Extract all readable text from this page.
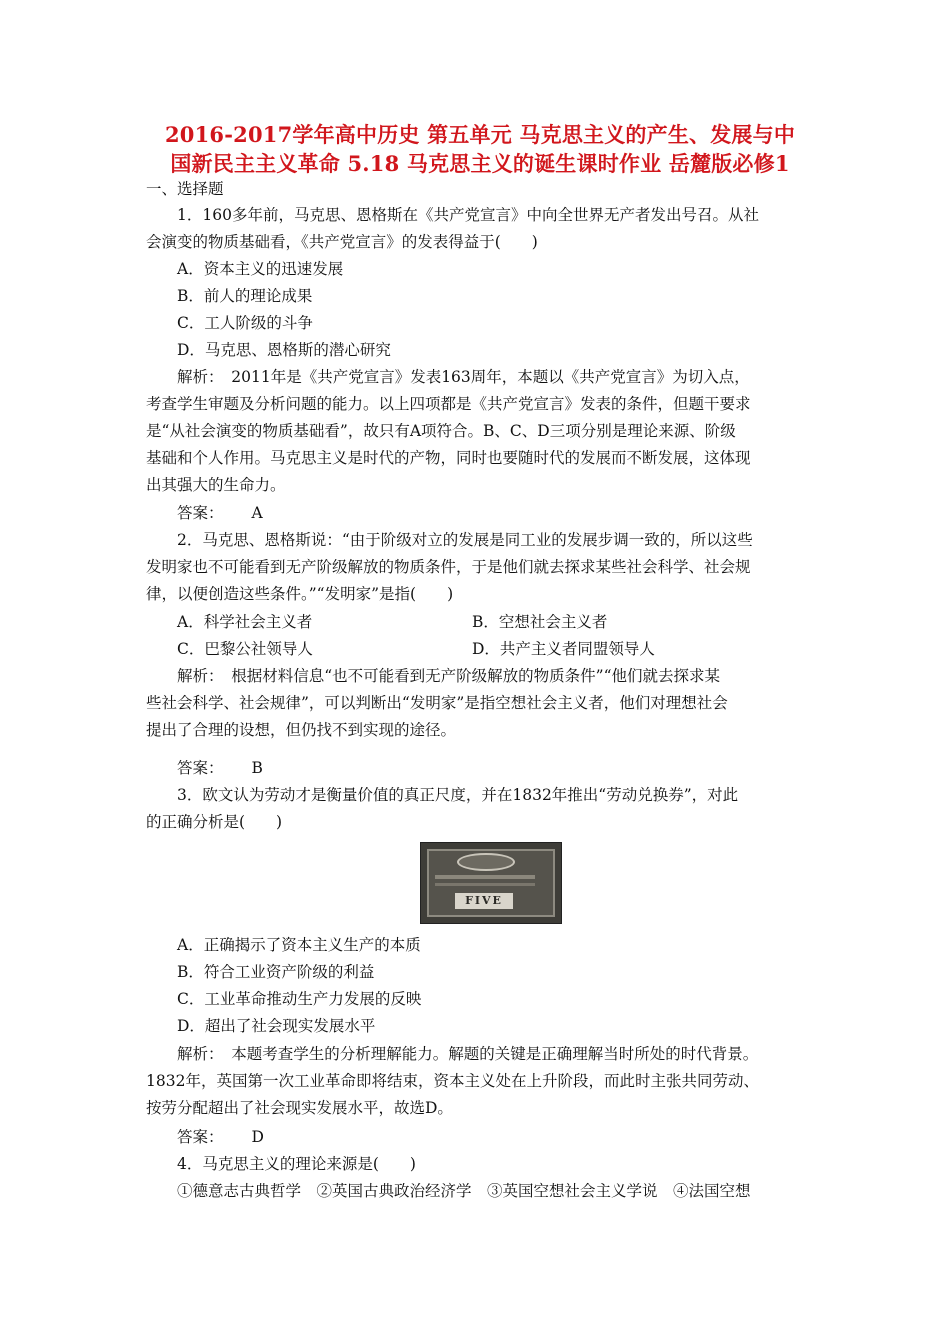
2016-2017学年高中历史 第五单元 马克思主义的产生、发展与中
国新民主主义革命 5.18 马克思主义的诞生课时作业 岳麓版必修1
一、选择题
1．160多年前，马克思、恩格斯在《共产党宣言》中向全世界无产者发出号召。从社
会演变的物质基础看，《共产党宣言》的发表得益于(　　)
A．资本主义的迅速发展
B．前人的理论成果
C．工人阶级的斗争
D．马克思、恩格斯的潜心研究
解析：　2011年是《共产党宣言》发表163周年，本题以《共产党宣言》为切入点，
考查学生审题及分析问题的能力。以上四项都是《共产党宣言》发表的条件，但题干要求
是“从社会演变的物质基础看”，故只有A项符合。B、C、D三项分别是理论来源、阶级
基础和个人作用。马克思主义是时代的产物，同时也要随时代的发展而不断发展，这体现
出其强大的生命力。
答案： A
2．马克思、恩格斯说：“由于阶级对立的发展是同工业的发展步调一致的，所以这些
发明家也不可能看到无产阶级解放的物质条件，于是他们就去探求某些社会科学、社会规
律，以便创造这些条件。”“发明家”是指(　　)
A．科学社会主义者	B．空想社会主义者
C．巴黎公社领导人	D．共产主义者同盟领导人
解析：　根据材料信息“也不可能看到无产阶级解放的物质条件”“他们就去探求某
些社会科学、社会规律”，可以判断出“发明家”是指空想社会主义者，他们对理想社会
提出了合理的设想，但仍找不到实现的途径。
答案： B
3．欧文认为劳动才是衡量价值的真正尺度，并在1832年推出“劳动兑换券”，对此
的正确分析是(　　)
FIVE
A．正确揭示了资本主义生产的本质
B．符合工业资产阶级的利益
C．工业革命推动生产力发展的反映
D．超出了社会现实发展水平
解析：　本题考查学生的分析理解能力。解题的关键是正确理解当时所处的时代背景。
1832年，英国第一次工业革命即将结束，资本主义处在上升阶段，而此时主张共同劳动、
按劳分配超出了社会现实发展水平，故选D。
答案： D
4．马克思主义的理论来源是(　　)
①德意志古典哲学　②英国古典政治经济学　③英国空想社会主义学说　④法国空想
